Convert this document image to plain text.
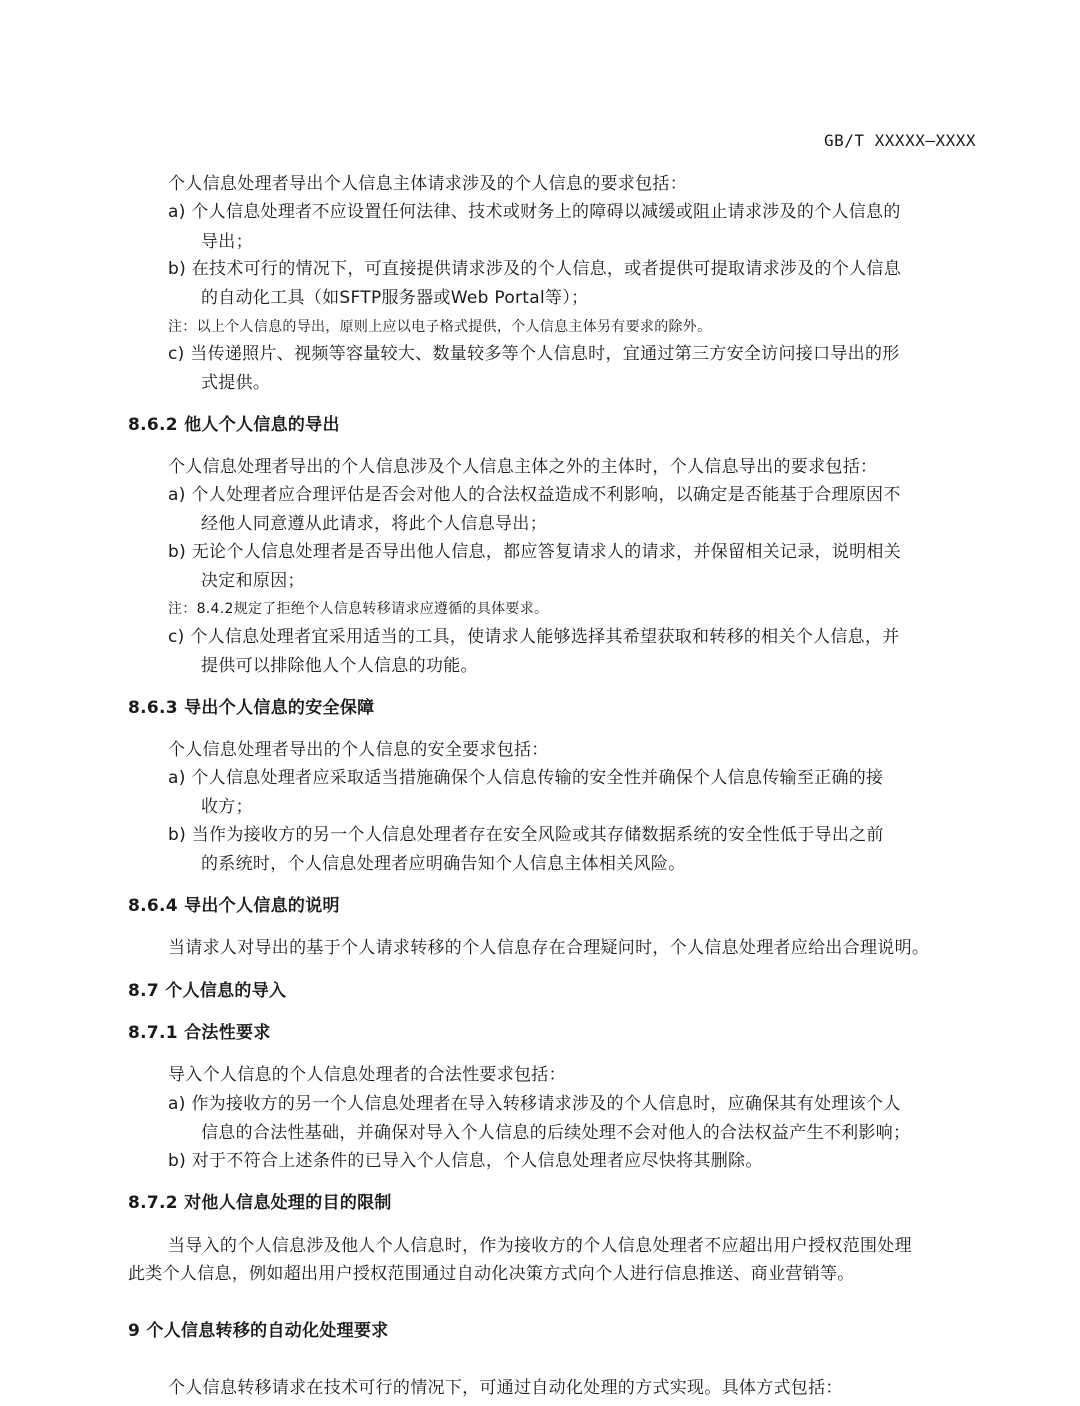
GB/T XXXXX—XXXX
个人信息处理者导出个人信息主体请求涉及的个人信息的要求包括：
a) 个人信息处理者不应设置任何法律、技术或财务上的障碍以减缓或阻止请求涉及的个人信息的
导出；
b) 在技术可行的情况下，可直接提供请求涉及的个人信息，或者提供可提取请求涉及的个人信息
的自动化工具（如SFTP服务器或Web Portal等）；
注：以上个人信息的导出，原则上应以电子格式提供，个人信息主体另有要求的除外。
c) 当传递照片、视频等容量较大、数量较多等个人信息时，宜通过第三方安全访问接口导出的形
式提供。
8.6.2 他人个人信息的导出
个人信息处理者导出的个人信息涉及个人信息主体之外的主体时，个人信息导出的要求包括：
a) 个人处理者应合理评估是否会对他人的合法权益造成不利影响，以确定是否能基于合理原因不
经他人同意遵从此请求，将此个人信息导出；
b) 无论个人信息处理者是否导出他人信息，都应答复请求人的请求，并保留相关记录，说明相关
决定和原因；
注：8.4.2规定了拒绝个人信息转移请求应遵循的具体要求。
c) 个人信息处理者宜采用适当的工具，使请求人能够选择其希望获取和转移的相关个人信息，并
提供可以排除他人个人信息的功能。
8.6.3 导出个人信息的安全保障
个人信息处理者导出的个人信息的安全要求包括：
a) 个人信息处理者应采取适当措施确保个人信息传输的安全性并确保个人信息传输至正确的接
收方；
b) 当作为接收方的另一个人信息处理者存在安全风险或其存储数据系统的安全性低于导出之前
的系统时，个人信息处理者应明确告知个人信息主体相关风险。
8.6.4 导出个人信息的说明
当请求人对导出的基于个人请求转移的个人信息存在合理疑问时，个人信息处理者应给出合理说明。
8.7 个人信息的导入
8.7.1 合法性要求
导入个人信息的个人信息处理者的合法性要求包括：
a) 作为接收方的另一个人信息处理者在导入转移请求涉及的个人信息时，应确保其有处理该个人
信息的合法性基础，并确保对导入个人信息的后续处理不会对他人的合法权益产生不利影响；
b) 对于不符合上述条件的已导入个人信息，个人信息处理者应尽快将其删除。
8.7.2 对他人信息处理的目的限制
当导入的个人信息涉及他人个人信息时，作为接收方的个人信息处理者不应超出用户授权范围处理
此类个人信息，例如超出用户授权范围通过自动化决策方式向个人进行信息推送、商业营销等。
9 个人信息转移的自动化处理要求
个人信息转移请求在技术可行的情况下，可通过自动化处理的方式实现。具体方式包括：
